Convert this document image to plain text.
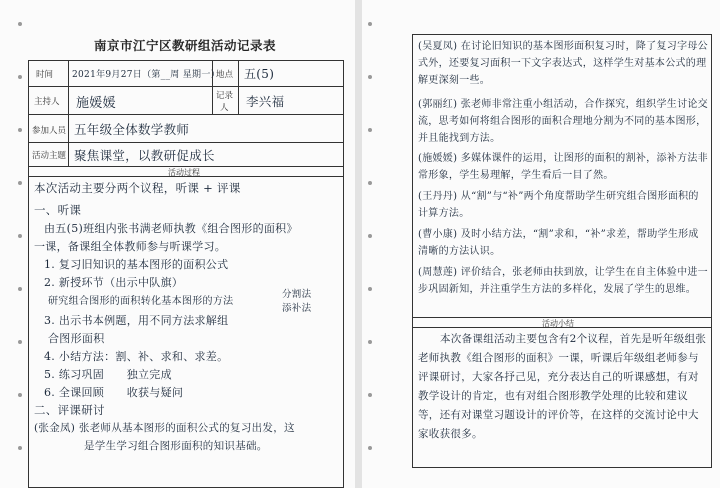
南京市江宁区教研组活动记录表
时间 2021年9月27日（第__周 星期一）
地点 五(5)
主持人 施媛媛	记录
人 李兴福
参加人员 五年级全体数学教师
活动主题 聚焦课堂，以教研促成长
活动过程
本次活动主要分两个议程，听课 + 评课
一、听课
由五(5)班组内张书满老师执教《组合图形的面积》
一课，备课组全体教师参与听课学习。
1. 复习旧知识的基本图形的面积公式
2. 新授环节（出示中队旗）
研究组合图形的面积转化基本图形的方法
分割法
添补法
3. 出示书本例题，用不同方法求解组
合图形面积
4. 小结方法：割、补、求和、求差。
5. 练习巩固　　独立完成
6. 全课回顾　　收获与疑问
二、评课研讨
(张金凤) 张老师从基本图形的面积公式的复习出发，这
是学生学习组合图形面积的知识基础。
(吴夏凤) 在讨论旧知识的基本图形面积复习时，降了复习字母公式外，还要复习面积一下文字表达式，这样学生对基本公式的理解更深刻一些。
(郭丽红) 张老师非常注重小组活动，合作探究，组织学生讨论交流，思考如何将组合图形的面积合理地分割为不同的基本图形，并且能找到方法。
(施媛媛) 多媒体课件的运用，让图形的面积的割补，添补方法非常形象，学生易理解，学生看后一目了然。
(王丹丹) 从“割”与“补”两个角度帮助学生研究组合图形面积的计算方法。
(曹小康) 及时小结方法，“割”求和，“补”求差，帮助学生形成清晰的方法认识。
(周慧莲) 评价结合，张老师由扶到放，让学生在自主体验中进一步巩固新知，并注重学生方法的多样化，发展了学生的思维。
活动小结
本次备课组活动主要包含有2个议程，首先是听年级组张老师执教《组合图形的面积》一课，听课后年级组老师参与评课研讨，大家各抒己见，充分表达自己的听课感想，有对教学设计的肯定，也有对组合图形教学处理的比较和建议等，还有对课堂习题设计的评价等，在这样的交流讨论中大家收获很多。
